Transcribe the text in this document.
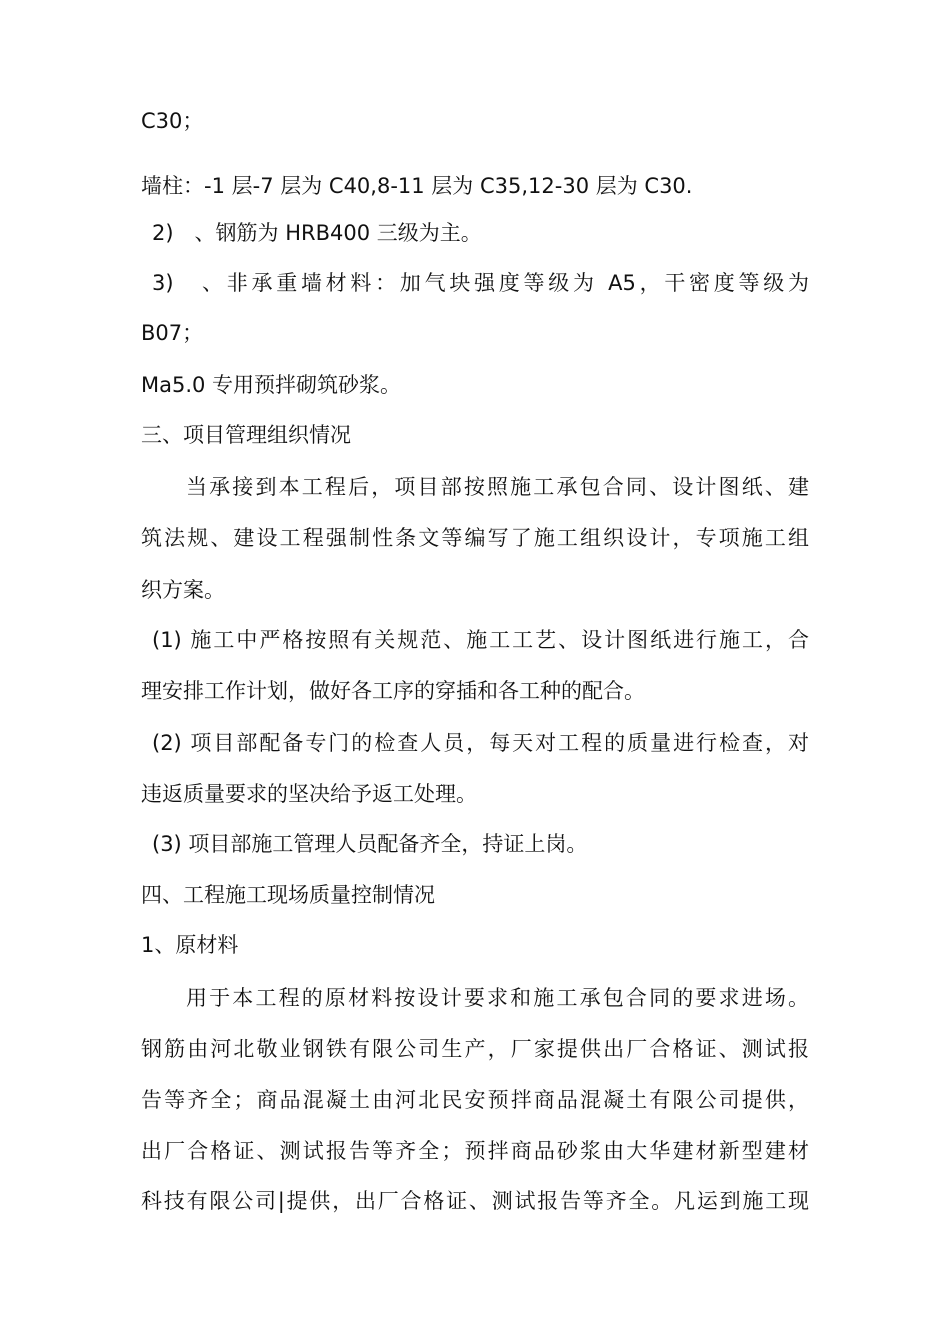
C30；
墙柱：-1 层-7 层为 C40,8-11 层为 C35,12-30 层为 C30.
2)　、钢筋为 HRB400 三级为主。
3)　、非承重墙材料：加气块强度等级为 A5，干密度等级为
B07；
Ma5.0 专用预拌砌筑砂浆。
三、项目管理组织情况
当承接到本工程后，项目部按照施工承包合同、设计图纸、建
筑法规、建设工程强制性条文等编写了施工组织设计，专项施工组
织方案。
(1) 施工中严格按照有关规范、施工工艺、设计图纸进行施工，合
理安排工作计划，做好各工序的穿插和各工种的配合。
(2) 项目部配备专门的检查人员，每天对工程的质量进行检查，对
违返质量要求的坚决给予返工处理。
(3) 项目部施工管理人员配备齐全，持证上岗。
四、工程施工现场质量控制情况
1、原材料
用于本工程的原材料按设计要求和施工承包合同的要求进场。
钢筋由河北敬业钢铁有限公司生产，厂家提供出厂合格证、测试报
告等齐全；商品混凝土由河北民安预拌商品混凝土有限公司提供，
出厂合格证、测试报告等齐全；预拌商品砂浆由大华建材新型建材
科技有限公司|提供，出厂合格证、测试报告等齐全。凡运到施工现
